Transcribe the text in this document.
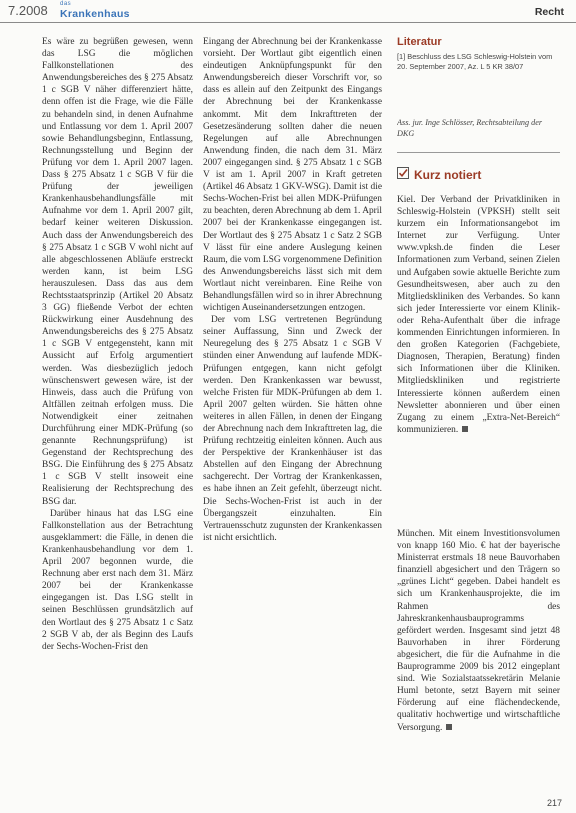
7.2008 das
Krankenhaus	Recht

Es wäre zu begrüßen gewesen, wenn das LSG die möglichen Fallkonstellationen des Anwendungsbereiches des § 275 Absatz 1 c SGB V näher differenziert hätte, denn offen ist die Frage, wie die Fälle zu behandeln sind, in denen Aufnahme und Entlassung vor dem 1. April 2007 sowie Behandlungsbeginn, Entlassung, Rechnungsstellung und Beginn der Prüfung vor dem 1. April 2007 lagen. Dass § 275 Absatz 1 c SGB V für die Prüfung der jeweiligen Krankenhausbehandlungsfälle mit Aufnahme vor dem 1. April 2007 gilt, bedarf keiner weiteren Diskussion. Auch dass der Anwendungsbereich des § 275 Absatz 1 c SGB V wohl nicht auf alle abgeschlossenen Abläufe erstreckt werden kann, ist beim LSG herauszulesen. Dass das aus dem Rechtsstaatsprinzip (Artikel 20 Absatz 3 GG) fließende Verbot der echten Rückwirkung einer Ausdehnung des Anwendungsbereichs des § 275 Absatz 1 c SGB V entgegensteht, kann mit Aussicht auf Erfolg argumentiert werden. Was diesbezüglich jedoch wünschenswert gewesen wäre, ist der Hinweis, dass auch die Prüfung von Altfällen zeitnah erfolgen muss. Die Notwendigkeit einer zeitnahen Durchführung einer MDK-Prüfung (so genannte Rechnungsprüfung) ist Gegenstand der Rechtsprechung des BSG. Die Einführung des § 275 Absatz 1 c SGB V stellt insoweit eine Realisierung der Rechtsprechung des BSG dar.

Darüber hinaus hat das LSG eine Fallkonstellation aus der Betrachtung ausgeklammert: die Fälle, in denen die Krankenhausbehandlung vor dem 1. April 2007 begonnen wurde, die Rechnung aber erst nach dem 31. März 2007 bei der Krankenkasse eingegangen ist. Das LSG stellt in seinen Beschlüssen grundsätzlich auf den Wortlaut des § 275 Absatz 1 c Satz 2 SGB V ab, der als Beginn des Laufs der Sechs-Wochen-Frist den

Eingang der Abrechnung bei der Krankenkasse vorsieht. Der Wortlaut gibt eigentlich einen eindeutigen Anknüpfungspunkt für den Anwendungsbereich dieser Vorschrift vor, so dass es allein auf den Zeitpunkt des Eingangs der Abrechnung bei der Krankenkasse ankommt. Mit dem Inkrafttreten der Gesetzesänderung sollten daher die neuen Regelungen auf alle Abrechnungen Anwendung finden, die nach dem 31. März 2007 eingegangen sind. § 275 Absatz 1 c SGB V ist am 1. April 2007 in Kraft getreten (Artikel 46 Absatz 1 GKV-WSG). Damit ist die Sechs-Wochen-Frist bei allen MDK-Prüfungen zu beachten, deren Abrechnung ab dem 1. April 2007 bei der Krankenkasse eingegangen ist. Der Wortlaut des § 275 Absatz 1 c Satz 2 SGB V lässt für eine andere Auslegung keinen Raum, die vom LSG vorgenommene Definition des Anwendungsbereichs lässt sich mit dem Wortlaut nicht vereinbaren. Eine Reihe von Behandlungsfällen wird so in ihrer Abrechnung wichtigen Auseinandersetzungen entzogen.

Der vom LSG vertretenen Begründung seiner Auffassung, Sinn und Zweck der Neuregelung des § 275 Absatz 1 c SGB V stünden einer Anwendung auf laufende MDK-Prüfungen entgegen, kann nicht gefolgt werden. Den Krankenkassen war bewusst, welche Fristen für MDK-Prüfungen ab dem 1. April 2007 gelten würden. Sie hätten ohne weiteres in allen Fällen, in denen der Eingang der Abrechnung nach dem Inkrafttreten lag, die Prüfung rechtzeitig einleiten können. Auch aus der Perspektive der Krankenhäuser ist das Abstellen auf den Eingang der Abrechnung sachgerecht. Der Vortrag der Krankenkassen, es habe ihnen an Zeit gefehlt, überzeugt nicht. Die Sechs-Wochen-Frist ist auch in der Übergangszeit einzuhalten. Ein Vertrauensschutz zugunsten der Krankenkassen ist nicht ersichtlich.

Literatur
[1] Beschluss des LSG Schleswig-Holstein vom 20. September 2007, Az. L 5 KR 38/07
Ass. jur. Inge Schlösser, Rechtsabteilung der DKG
Kurz notiert
Kiel. Der Verband der Privatkliniken in Schleswig-Holstein (VPKSH) stellt seit kurzem ein Informationsangebot im Internet zur Verfügung. Unter www.vpksh.de finden die Leser Informationen zum Verband, seinen Zielen und Aufgaben sowie aktuelle Berichte zum Gesundheitswesen, aber auch zu den Mitgliedskliniken des Verbandes. So kann sich jeder Interessierte vor einem Klinik- oder Reha-Aufenthalt über die infrage kommenden Einrichtungen informieren. In den großen Kategorien (Fachgebiete, Diagnosen, Therapien, Beratung) finden sich Informationen über die Kliniken. Mitgliedskliniken und registrierte Interessierte können außerdem einen Newsletter abonnieren und über einen Zugang zu einem „Extra-Net-Bereich“ kommunizieren.
München. Mit einem Investitionsvolumen von knapp 160 Mio. € hat der bayerische Ministerrat erstmals 18 neue Bauvorhaben finanziell abgesichert und den Trägern so „grünes Licht“ gegeben. Dabei handelt es sich um Krankenhausprojekte, die im Rahmen des Jahreskrankenhausbauprogramms gefördert werden. Insgesamt sind jetzt 48 Bauvorhaben in ihrer Förderung abgesichert, die für die Aufnahme in die Bauprogramme 2009 bis 2012 eingeplant sind. Wie Sozialstaatssekretärin Melanie Huml betonte, setzt Bayern mit seiner Förderung auf eine flächendeckende, qualitativ hochwertige und wirtschaftliche Versorgung.
217
